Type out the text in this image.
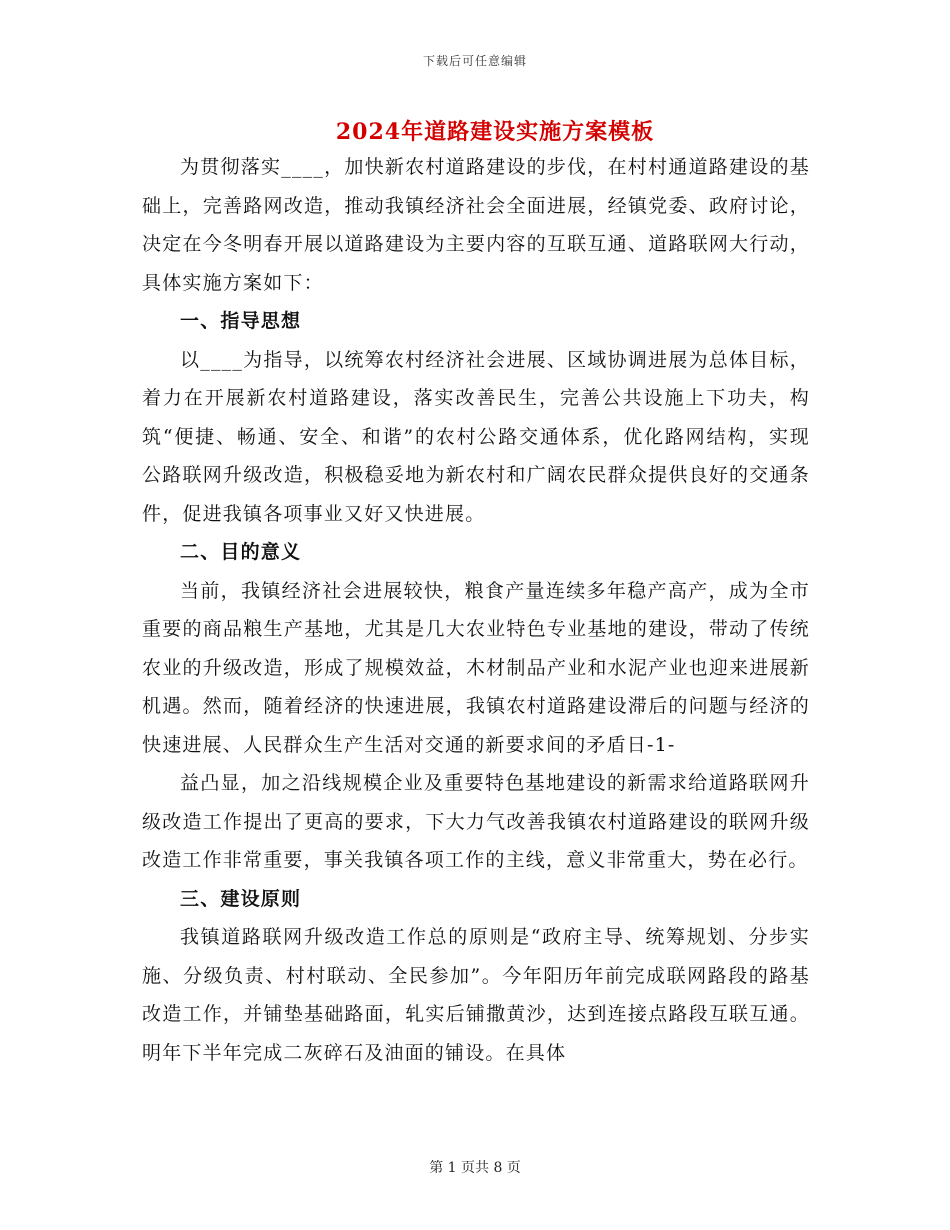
下载后可任意编辑
2024年道路建设实施方案模板

为贯彻落实____，加快新农村道路建设的步伐，在村村通道路建设的基础上，完善路网改造，推动我镇经济社会全面进展，经镇党委、政府讨论，决定在今冬明春开展以道路建设为主要内容的互联互通、道路联网大行动，具体实施方案如下：

一、指导思想

以____为指导，以统筹农村经济社会进展、区域协调进展为总体目标，着力在开展新农村道路建设，落实改善民生，完善公共设施上下功夫，构筑“便捷、畅通、安全、和谐”的农村公路交通体系，优化路网结构，实现公路联网升级改造，积极稳妥地为新农村和广阔农民群众提供良好的交通条件，促进我镇各项事业又好又快进展。

二、目的意义

当前，我镇经济社会进展较快，粮食产量连续多年稳产高产，成为全市重要的商品粮生产基地，尤其是几大农业特色专业基地的建设，带动了传统农业的升级改造，形成了规模效益，木材制品产业和水泥产业也迎来进展新机遇。然而，随着经济的快速进展，我镇农村道路建设滞后的问题与经济的快速进展、人民群众生产生活对交通的新要求间的矛盾日-1-

益凸显，加之沿线规模企业及重要特色基地建设的新需求给道路联网升级改造工作提出了更高的要求，下大力气改善我镇农村道路建设的联网升级改造工作非常重要，事关我镇各项工作的主线，意义非常重大，势在必行。

三、建设原则

我镇道路联网升级改造工作总的原则是“政府主导、统筹规划、分步实施、分级负责、村村联动、全民参加”。今年阳历年前完成联网路段的路基改造工作，并铺垫基础路面，轧实后铺撒黄沙，达到连接点路段互联互通。明年下半年完成二灰碎石及油面的铺设。在具体

第 1 页共 8 页
